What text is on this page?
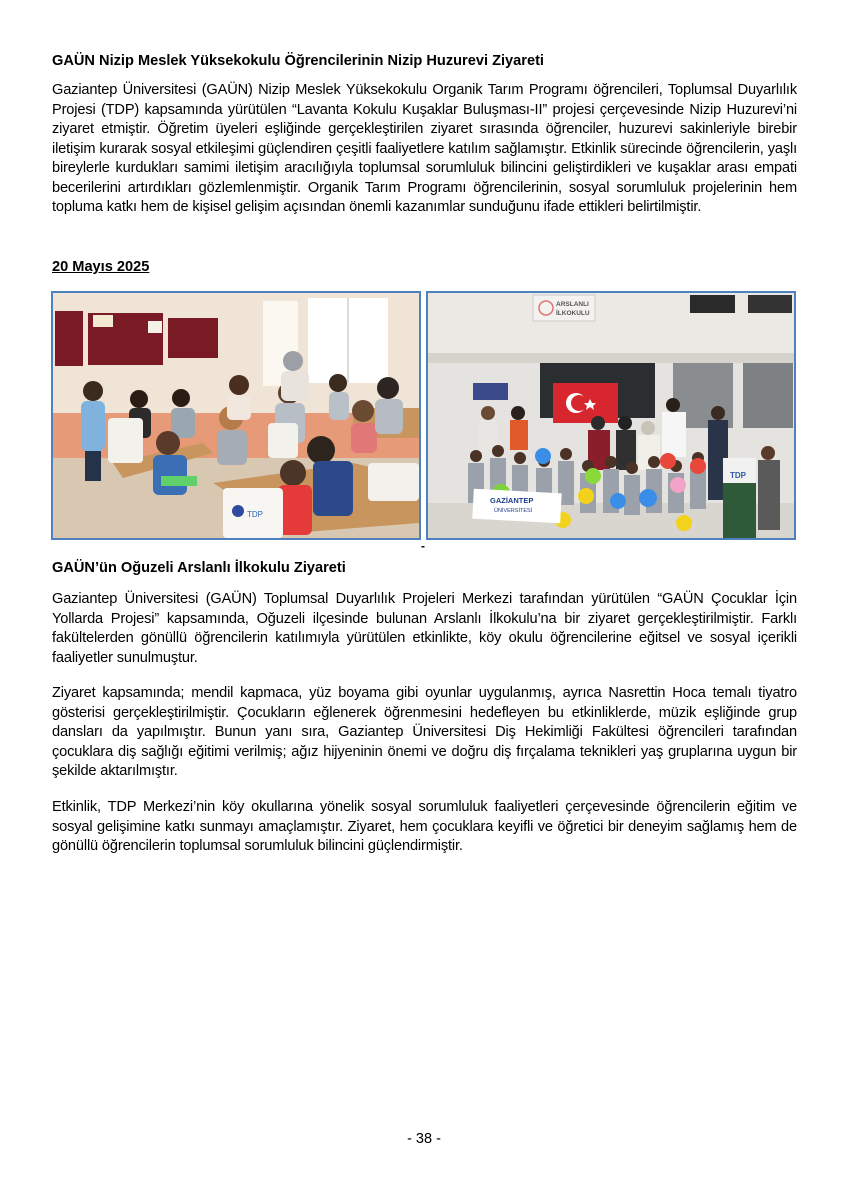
GAÜN Nizip Meslek Yüksekokulu Öğrencilerinin Nizip Huzurevi Ziyareti
Gaziantep Üniversitesi (GAÜN) Nizip Meslek Yüksekokulu Organik Tarım Programı öğrencileri, Toplumsal Duyarlılık Projesi (TDP) kapsamında yürütülen “Lavanta Kokulu Kuşaklar Buluşması-II” projesi çerçevesinde Nizip Huzurevi’ni ziyaret etmiştir. Öğretim üyeleri eşliğinde gerçekleştirilen ziyaret sırasında öğrenciler, huzurevi sakinleriyle birebir iletişim kurarak sosyal etkileşimi güçlendiren çeşitli faaliyetlere katılım sağlamıştır. Etkinlik sürecinde öğrencilerin, yaşlı bireylerle kurdukları samimi iletişim aracılığıyla toplumsal sorumluluk bilincini geliştirdikleri ve kuşaklar arası empati becerilerini artırdıkları gözlemlenmiştir. Organik Tarım Programı öğrencilerinin, sosyal sorumluluk projelerinin hem topluma katkı hem de kişisel gelişim açısından önemli kazanımlar sunduğunu ifade ettikleri belirtilmiştir.
20 Mayıs 2025
TDP
ARSLANLI
İLKOKULU
GAZİANTEP
ÜNİVERSİTESİ
TDP
-
GAÜN’ün Oğuzeli Arslanlı İlkokulu Ziyareti
Gaziantep Üniversitesi (GAÜN) Toplumsal Duyarlılık Projeleri Merkezi tarafından yürütülen “GAÜN Çocuklar İçin Yollarda Projesi” kapsamında, Oğuzeli ilçesinde bulunan Arslanlı İlkokulu’na bir ziyaret gerçekleştirilmiştir. Farklı fakültelerden gönüllü öğrencilerin katılımıyla yürütülen etkinlikte, köy okulu öğrencilerine eğitsel ve sosyal içerikli faaliyetler sunulmuştur.
Ziyaret kapsamında; mendil kapmaca, yüz boyama gibi oyunlar uygulanmış, ayrıca Nasrettin Hoca temalı tiyatro gösterisi gerçekleştirilmiştir. Çocukların eğlenerek öğrenmesini hedefleyen bu etkinliklerde, müzik eşliğinde grup dansları da yapılmıştır. Bunun yanı sıra, Gaziantep Üniversitesi Diş Hekimliği Fakültesi öğrencileri tarafından çocuklara diş sağlığı eğitimi verilmiş; ağız hijyeninin önemi ve doğru diş fırçalama teknikleri yaş gruplarına uygun bir şekilde aktarılmıştır.
Etkinlik, TDP Merkezi’nin köy okullarına yönelik sosyal sorumluluk faaliyetleri çerçevesinde öğrencilerin eğitim ve sosyal gelişimine katkı sunmayı amaçlamıştır. Ziyaret, hem çocuklara keyifli ve öğretici bir deneyim sağlamış hem de gönüllü öğrencilerin toplumsal sorumluluk bilincini güçlendirmiştir.
- 38 -
